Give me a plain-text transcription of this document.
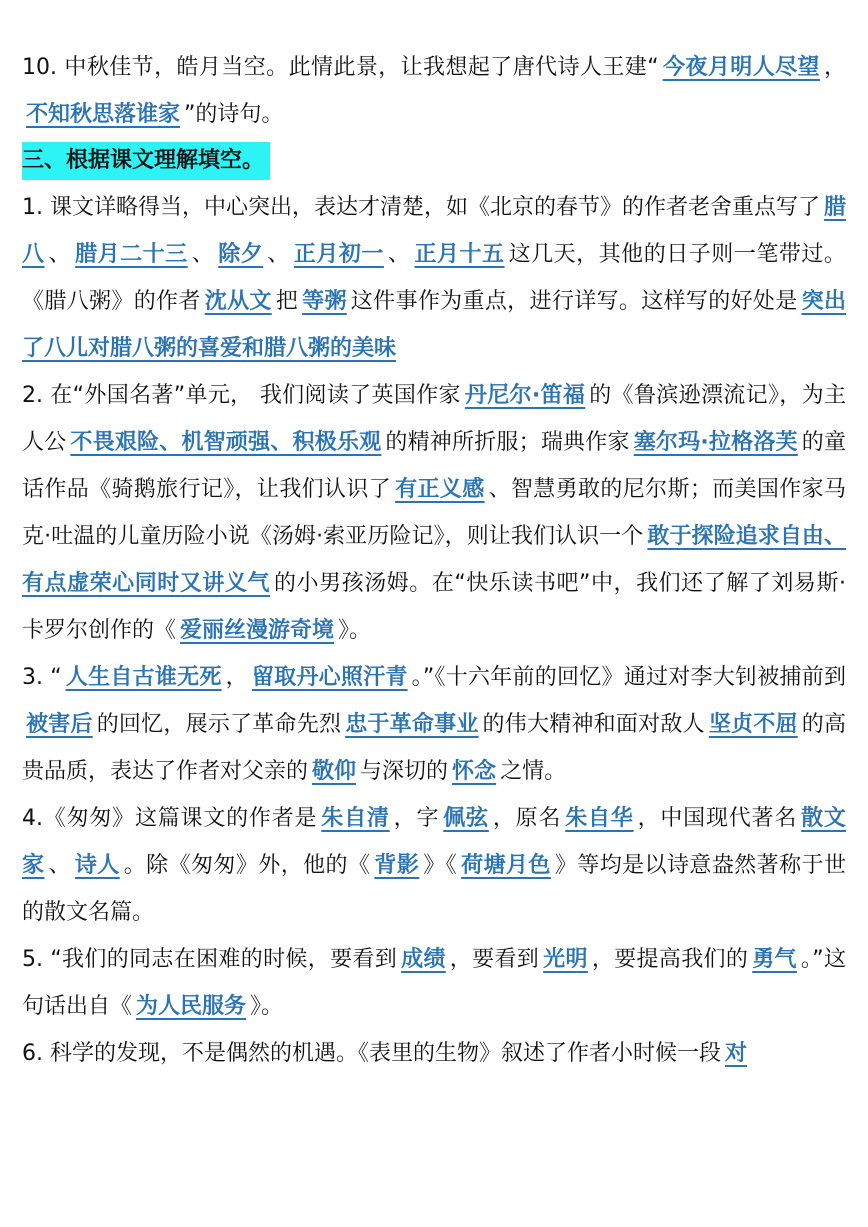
10. 中秋佳节，皓月当空。此情此景，让我想起了唐代诗人王建“ 今夜月明人尽望 ，不知秋思落谁家 ”的诗句。

三、根据课文理解填空。

1. 课文详略得当，中心突出，表达才清楚，如《北京的春节》的作者老舍重点写了 腊八 、 腊月二十三 、 除夕 、 正月初一 、 正月十五 这几天，其他的日子则一笔带过。《腊八粥》的作者 沈从文 把 等粥 这件事作为重点，进行详写。这样写的好处是 突出了八儿对腊八粥的喜爱和腊八粥的美味

2. 在“外国名著”单元， 我们阅读了英国作家 丹尼尔·笛福 的《鲁滨逊漂流记》，为主人公 不畏艰险、机智顽强、积极乐观 的精神所折服；瑞典作家 塞尔玛·拉格洛芙 的童话作品《骑鹅旅行记》，让我们认识了 有正义感 、智慧勇敢的尼尔斯；而美国作家马克·吐温的儿童历险小说《汤姆·索亚历险记》，则让我们认识一个 敢于探险追求自由、有点虚荣心同时又讲义气 的小男孩汤姆。在“快乐读书吧”中，我们还了解了刘易斯·卡罗尔创作的《 爱丽丝漫游奇境 》。

3. “ 人生自古谁无死 ， 留取丹心照汗青 。”《十六年前的回忆》通过对李大钊被捕前到被害后 的回忆，展示了革命先烈 忠于革命事业 的伟大精神和面对敌人 坚贞不屈 的高贵品质，表达了作者对父亲的 敬仰 与深切的 怀念 之情。

4.《匆匆》这篇课文的作者是 朱自清 ，字 佩弦 ，原名 朱自华 ，中国现代著名 散文家 、 诗人 。除《匆匆》外，他的《 背影 》《 荷塘月色 》等均是以诗意盎然著称于世的散文名篇。

5. “我们的同志在困难的时候，要看到 成绩 ，要看到 光明 ，要提高我们的 勇气 。”这句话出自《 为人民服务 》。

6. 科学的发现，不是偶然的机遇。《表里的生物》叙述了作者小时候一段 对
